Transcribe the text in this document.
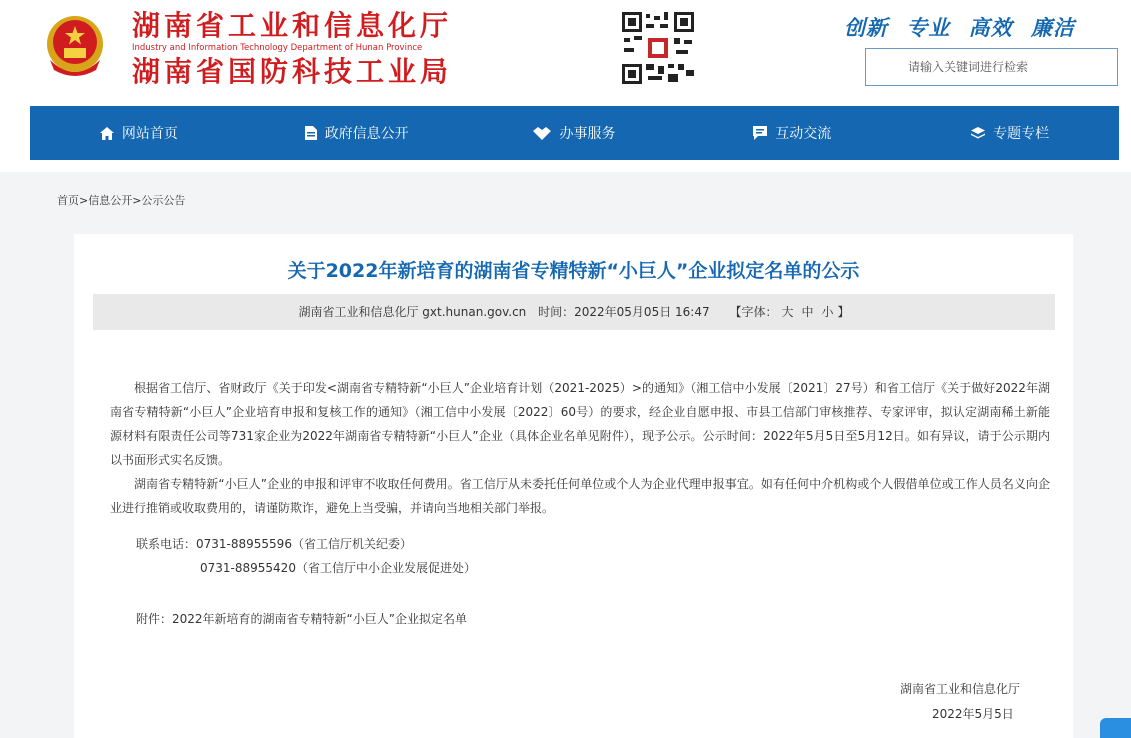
湖南省工业和信息化厅
Industry and Information Technology Department of Hunan Province
湖南省国防科技工业局
创新 专业 高效 廉洁
请输入关键词进行检索
网站首页	政府信息公开	办事服务	互动交流	专题专栏
首页>信息公开>公示公告
关于2022年新培育的湖南省专精特新“小巨人”企业拟定名单的公示
湖南省工业和信息化厅 gxt.hunan.gov.cn 时间：2022年05月05日 16:47 【字体： 大 中 小 】

根据省工信厅、省财政厅《关于印发<湖南省专精特新“小巨人”企业培育计划（2021-2025）>的通知》（湘工信中小发展〔2021〕27号）和省工信厅《关于做好2022年湖南省专精特新“小巨人”企业培育申报和复核工作的通知》（湘工信中小发展〔2022〕60号）的要求，经企业自愿申报、市县工信部门审核推荐、专家评审，拟认定湖南稀土新能源材料有限责任公司等731家企业为2022年湖南省专精特新“小巨人”企业（具体企业名单见附件），现予公示。公示时间：2022年5月5日至5月12日。如有异议，请于公示期内以书面形式实名反馈。

湖南省专精特新“小巨人”企业的申报和评审不收取任何费用。省工信厅从未委托任何单位或个人为企业代理申报事宜。如有任何中介机构或个人假借单位或工作人员名义向企业进行推销或收取费用的，请谨防欺诈，避免上当受骗，并请向当地相关部门举报。

联系电话：0731-88955596（省工信厅机关纪委）
0731-88955420（省工信厅中小企业发展促进处）
附件：2022年新培育的湖南省专精特新“小巨人”企业拟定名单
湖南省工业和信息化厅
2022年5月5日
